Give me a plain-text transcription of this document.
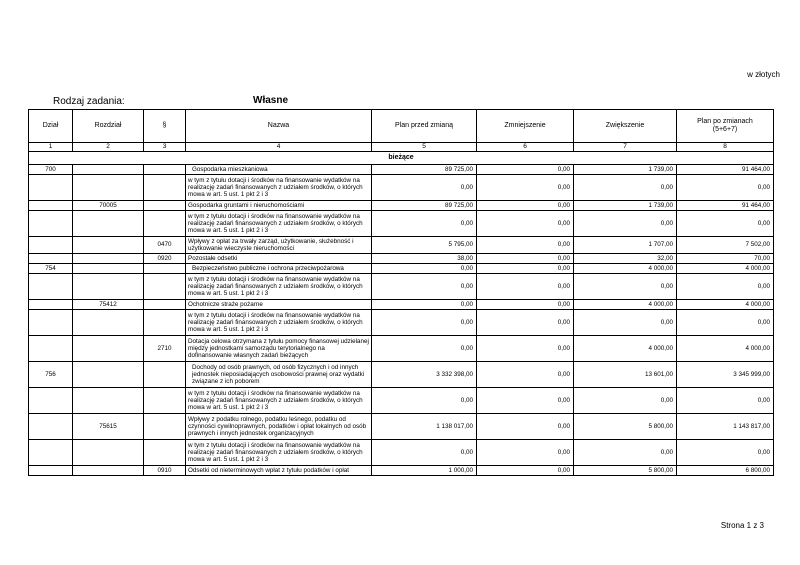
w złotych
Rodzaj zadania:	Własne
Dział	Rozdział	§	Nazwa	Plan przed zmianą	Zmniejszenie	Zwiększenie	Plan po zmianach
(5+6+7)
1	2	3	4	5	6	7	8
bieżące							
700			Gospodarka mieszkaniowa	89 725,00	0,00	1 739,00	91 464,00
			w tym z tytułu dotacji i środków na finansowanie wydatków na realizację zadań finansowanych z udziałem środków, o których mowa w art. 5 ust. 1 pkt 2 i 3	0,00	0,00	0,00	0,00
	70005		Gospodarka gruntami i nieruchomościami	89 725,00	0,00	1 739,00	91 464,00
			w tym z tytułu dotacji i środków na finansowanie wydatków na realizację zadań finansowanych z udziałem środków, o których mowa w art. 5 ust. 1 pkt 2 i 3	0,00	0,00	0,00	0,00
		0470	Wpływy z opłat za trwały zarząd, użytkowanie, służebność i użytkowanie wieczyste nieruchomości	5 795,00	0,00	1 707,00	7 502,00
		0920	Pozostałe odsetki	38,00	0,00	32,00	70,00
754			Bezpieczeństwo publiczne i ochrona przeciwpożarowa	0,00	0,00	4 000,00	4 000,00
			w tym z tytułu dotacji i środków na finansowanie wydatków na realizację zadań finansowanych z udziałem środków, o których mowa w art. 5 ust. 1 pkt 2 i 3	0,00	0,00	0,00	0,00
	75412		Ochotnicze straże pożarne	0,00	0,00	4 000,00	4 000,00
			w tym z tytułu dotacji i środków na finansowanie wydatków na realizację zadań finansowanych z udziałem środków, o których mowa w art. 5 ust. 1 pkt 2 i 3	0,00	0,00	0,00	0,00
		2710	Dotacja celowa otrzymana z tytułu pomocy finansowej udzielanej między jednostkami samorządu terytorialnego na dofinansowanie własnych zadań bieżących	0,00	0,00	4 000,00	4 000,00
756			Dochody od osób prawnych, od osób fizycznych i od innych jednostek nieposiadających osobowości prawnej oraz wydatki związane z ich poborem	3 332 398,00	0,00	13 601,00	3 345 999,00
			w tym z tytułu dotacji i środków na finansowanie wydatków na realizację zadań finansowanych z udziałem środków, o których mowa w art. 5 ust. 1 pkt 2 i 3	0,00	0,00	0,00	0,00
	75615		Wpływy z podatku rolnego, podatku leśnego, podatku od czynności cywilnoprawnych, podatków i opłat lokalnych od osób prawnych i innych jednostek organizacyjnych	1 138 017,00	0,00	5 800,00	1 143 817,00
			w tym z tytułu dotacji i środków na finansowanie wydatków na realizację zadań finansowanych z udziałem środków, o których mowa w art. 5 ust. 1 pkt 2 i 3	0,00	0,00	0,00	0,00
		0910	Odsetki od nieterminowych wpłat z tytułu podatków i opłat	1 000,00	0,00	5 800,00	6 800,00
Strona 1 z 3
